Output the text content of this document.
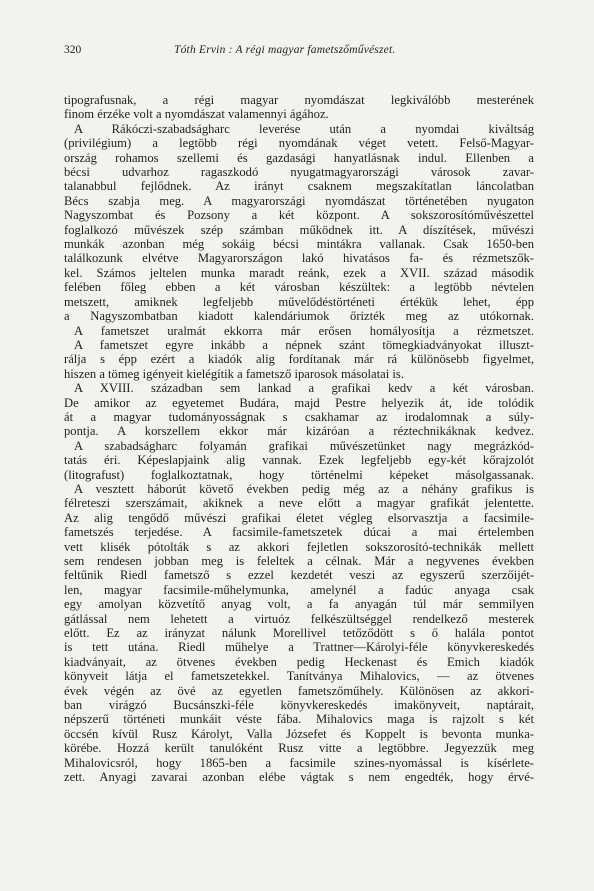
320	Tóth Ervin : A régi magyar fametszőművészet.
tipografusnak, a régi magyar nyomdászat legkiválóbb mesterének
finom érzéke volt a nyomdászat valamennyi ágához.
A Rákóczi-szabadságharc leverése után a nyomdai kiváltság
(privilégium) a legtöbb régi nyomdának véget vetett. Felső-Magyar-
ország rohamos szellemi és gazdasági hanyatlásnak indul. Ellenben a
bécsi udvarhoz ragaszkodó nyugatmagyarországi városok zavar-
talanabbul fejlődnek. Az irányt csaknem megszakítatlan láncolatban
Bécs szabja meg. A magyarországi nyomdászat történetében nyugaton
Nagyszombat és Pozsony a két központ. A sokszorosítóművészettel
foglalkozó művészek szép számban működnek itt. A díszítések, művészi
munkák azonban még sokáig bécsi mintákra vallanak. Csak 1650-ben
találkozunk elvétve Magyarországon lakó hivatásos fa- és rézmetszők-
kel. Számos jeltelen munka maradt reánk, ezek a XVII. század második
felében főleg ebben a két városban készültek: a legtöbb névtelen
metszett, amiknek legfeljebb művelődéstörténeti értékük lehet, épp
a Nagyszombatban kiadott kalendáriumok őrizték meg az utókornak.
A fametszet uralmát ekkorra már erősen homályosítja a rézmetszet.
A fametszet egyre inkább a népnek szánt tömegkiadványokat illuszt-
rálja s épp ezért a kiadók alig fordítanak már rá különösebb figyelmet,
hiszen a tömeg igényeit kielégítik a fametsző iparosok másolatai is.
A XVIII. században sem lankad a grafikai kedv a két városban.
De amikor az egyetemet Budára, majd Pestre helyezik át, ide tolódik
át a magyar tudományosságnak s csakhamar az irodalomnak a súly-
pontja. A korszellem ekkor már kizáróan a réztechnikáknak kedvez.
A szabadságharc folyamán grafikai művészetünket nagy megrázkód-
tatás éri. Képeslapjaink alig vannak. Ezek legfeljebb egy-két kőrajzolót
(litografust) foglalkoztatnak, hogy történelmi képeket másolgassanak.
A vesztett háborút követő években pedig még az a néhány grafikus is
félreteszi szerszámait, akiknek a neve előtt a magyar grafikát jelentette.
Az alig tengődő művészi grafikai életet végleg elsorvasztja a facsimile-
fametszés terjedése. A facsimile-fametszetek dúcai a mai értelemben
vett klisék pótolták s az akkori fejletlen sokszorosító-technikák mellett
sem rendesen jobban meg is feleltek a célnak. Már a negyvenes években
feltűnik Riedl fametsző s ezzel kezdetét veszi az egyszerű szerzőijét-
len, magyar facsimile-műhelymunka, amelynél a fadúc anyaga csak
egy amolyan közvetítő anyag volt, a fa anyagán túl már semmilyen
gátlással nem lehetett a virtuóz felkészültséggel rendelkező mesterek
előtt. Ez az irányzat nálunk Morellivel tetőződött s ő halála pontot
is tett utána. Riedl műhelye a Trattner—Károlyi-féle könyvkereskedés
kiadványait, az ötvenes években pedig Heckenast és Emich kiadók
könyveit látja el fametszetekkel. Tanítványa Mihalovics, — az ötvenes
évek végén az övé az egyetlen fametszőműhely. Különösen az akkori-
ban virágzó Bucsánszki-féle könyvkereskedés imakönyveit, naptárait,
népszerű történeti munkáit véste fába. Mihalovics maga is rajzolt s két
öccsén kívül Rusz Károlyt, Valla Józsefet és Koppelt is bevonta munka-
körébe. Hozzá került tanulóként Rusz vitte a legtöbbre. Jegyezzük meg
Mihalovicsról, hogy 1865-ben a facsimile szines-nyomással is kísérlete-
zett. Anyagi zavarai azonban elébe vágtak s nem engedték, hogy érvé-
